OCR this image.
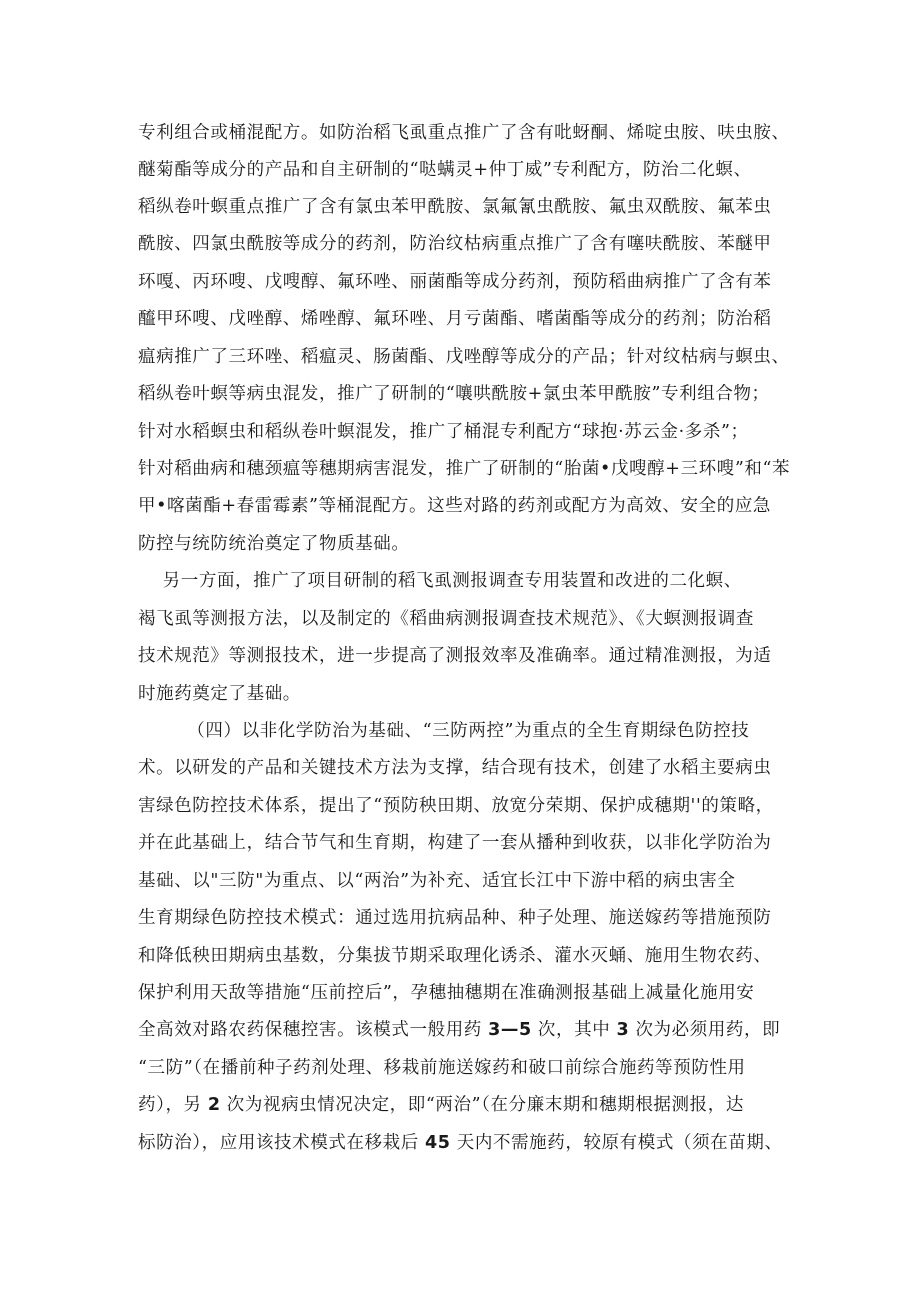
专利组合或桶混配方。如防治稻飞虱重点推广了含有吡蚜酮、烯啶虫胺、呋虫胺、
醚菊酯等成分的产品和自主研制的“哒螨灵+仲丁威”专利配方，防治二化螟、
稻纵卷叶螟重点推广了含有氯虫苯甲酰胺、氯氟氰虫酰胺、氟虫双酰胺、氟苯虫
酰胺、四氯虫酰胺等成分的药剂，防治纹枯病重点推广了含有噻呋酰胺、苯醚甲
环嘎、丙环嗖、戊嗖醇、氟环唑、丽菌酯等成分药剂，预防稻曲病推广了含有苯
醯甲环嗖、戊唑醇、烯唑醇、氟环唑、月亏菌酯、嗜菌酯等成分的药剂；防治稻
瘟病推广了三环唑、稻瘟灵、肠菌酯、戊唑醇等成分的产品；针对纹枯病与螟虫、
稻纵卷叶螟等病虫混发，推广了研制的“嚷哄酰胺+氯虫苯甲酰胺”专利组合物；
针对水稻螟虫和稻纵卷叶螟混发，推广了桶混专利配方“球抱·苏云金·多杀”；
针对稻曲病和穗颈瘟等穗期病害混发，推广了研制的“胎菌•戊嗖醇+三环嗖”和“苯
甲•喀菌酯+春雷霉素”等桶混配方。这些对路的药剂或配方为高效、安全的应急
防控与统防统治奠定了物质基础。
另一方面，推广了项目研制的稻飞虱测报调查专用装置和改进的二化螟、
褐飞虱等测报方法，以及制定的《稻曲病测报调查技术规范》、《大螟测报调查
技术规范》等测报技术，进一步提高了测报效率及准确率。通过精准测报，为适
时施药奠定了基础。
（四）以非化学防治为基础、“三防两控”为重点的全生育期绿色防控技
术。以研发的产品和关键技术方法为支撑，结合现有技术，创建了水稻主要病虫
害绿色防控技术体系，提出了“预防秧田期、放宽分荣期、保护成穗期''的策略，
并在此基础上，结合节气和生育期，构建了一套从播种到收获，以非化学防治为
基础、以"三防"为重点、以“两治”为补充、适宜长江中下游中稻的病虫害全
生育期绿色防控技术模式：通过选用抗病品种、种子处理、施送嫁药等措施预防
和降低秧田期病虫基数，分集拔节期采取理化诱杀、灌水灭蛹、施用生物农药、
保护利用天敌等措施“压前控后”，孕穗抽穗期在准确测报基础上减量化施用安
全高效对路农药保穗控害。该模式一般用药 3—5 次，其中 3 次为必须用药，即
“三防”（在播前种子药剂处理、移栽前施送嫁药和破口前综合施药等预防性用
药），另 2 次为视病虫情况决定，即“两治”（在分廉末期和穗期根据测报，达
标防治），应用该技术模式在移栽后 45 天内不需施药，较原有模式（须在苗期、
